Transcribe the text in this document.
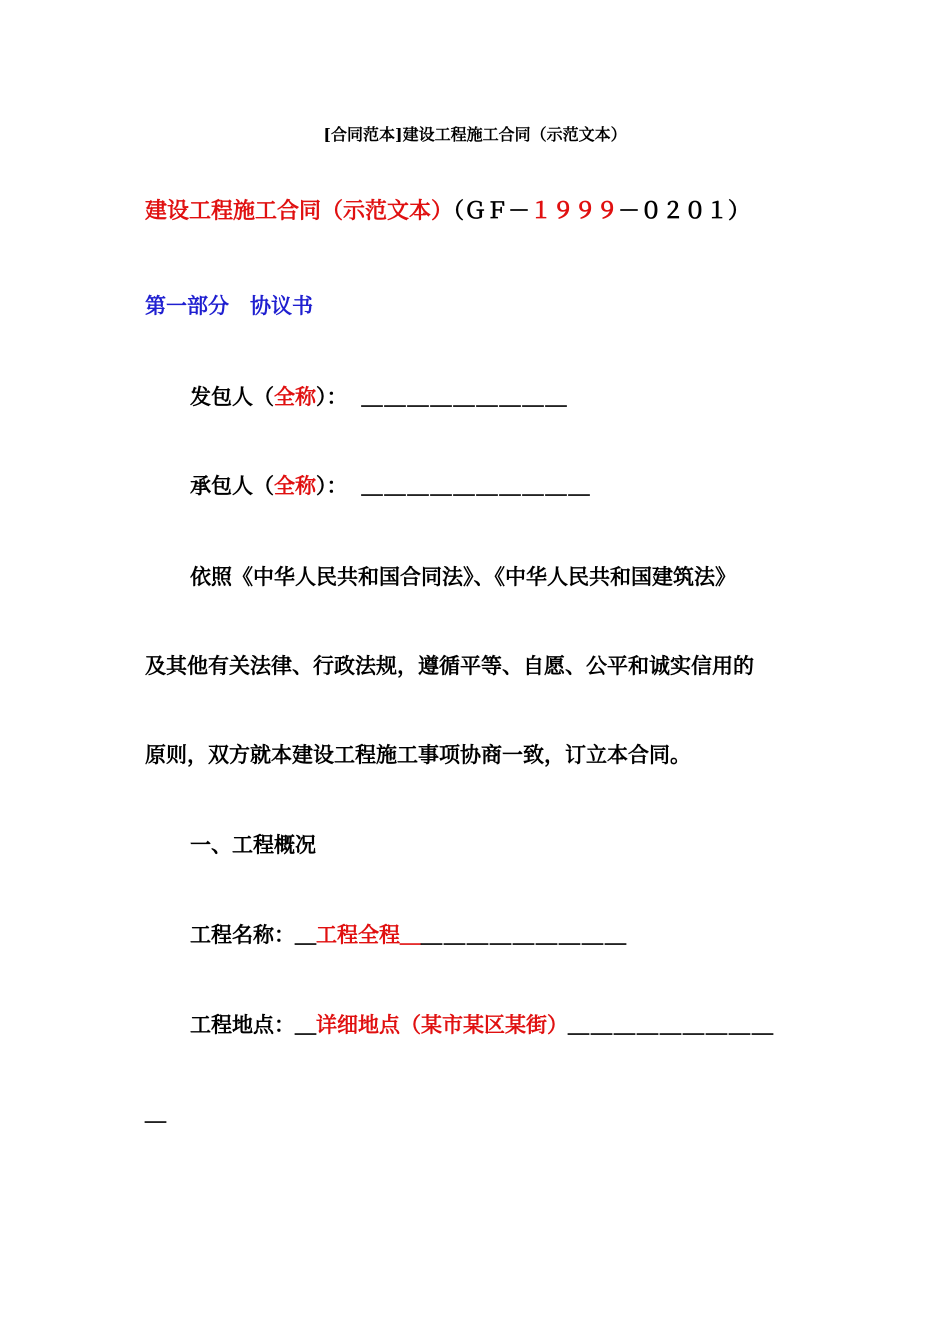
[合同范本]建设工程施工合同（示范文本）
建设工程施工合同（示范文本）（ＧＦ－１９９９－０２０１）
第一部分　协议书
发包人（全称）： ＿＿＿＿＿＿＿＿＿
承包人（全称）： ＿＿＿＿＿＿＿＿＿＿
依照《中华人民共和国合同法》、《中华人民共和国建筑法》
及其他有关法律、行政法规，遵循平等、自愿、公平和诚实信用的
原则，双方就本建设工程施工事项协商一致，订立本合同。
一、工程概况
工程名称：＿工程全程＿＿＿＿＿＿＿＿＿＿
工程地点：＿详细地点（某市某区某街）＿＿＿＿＿＿＿＿＿
＿
